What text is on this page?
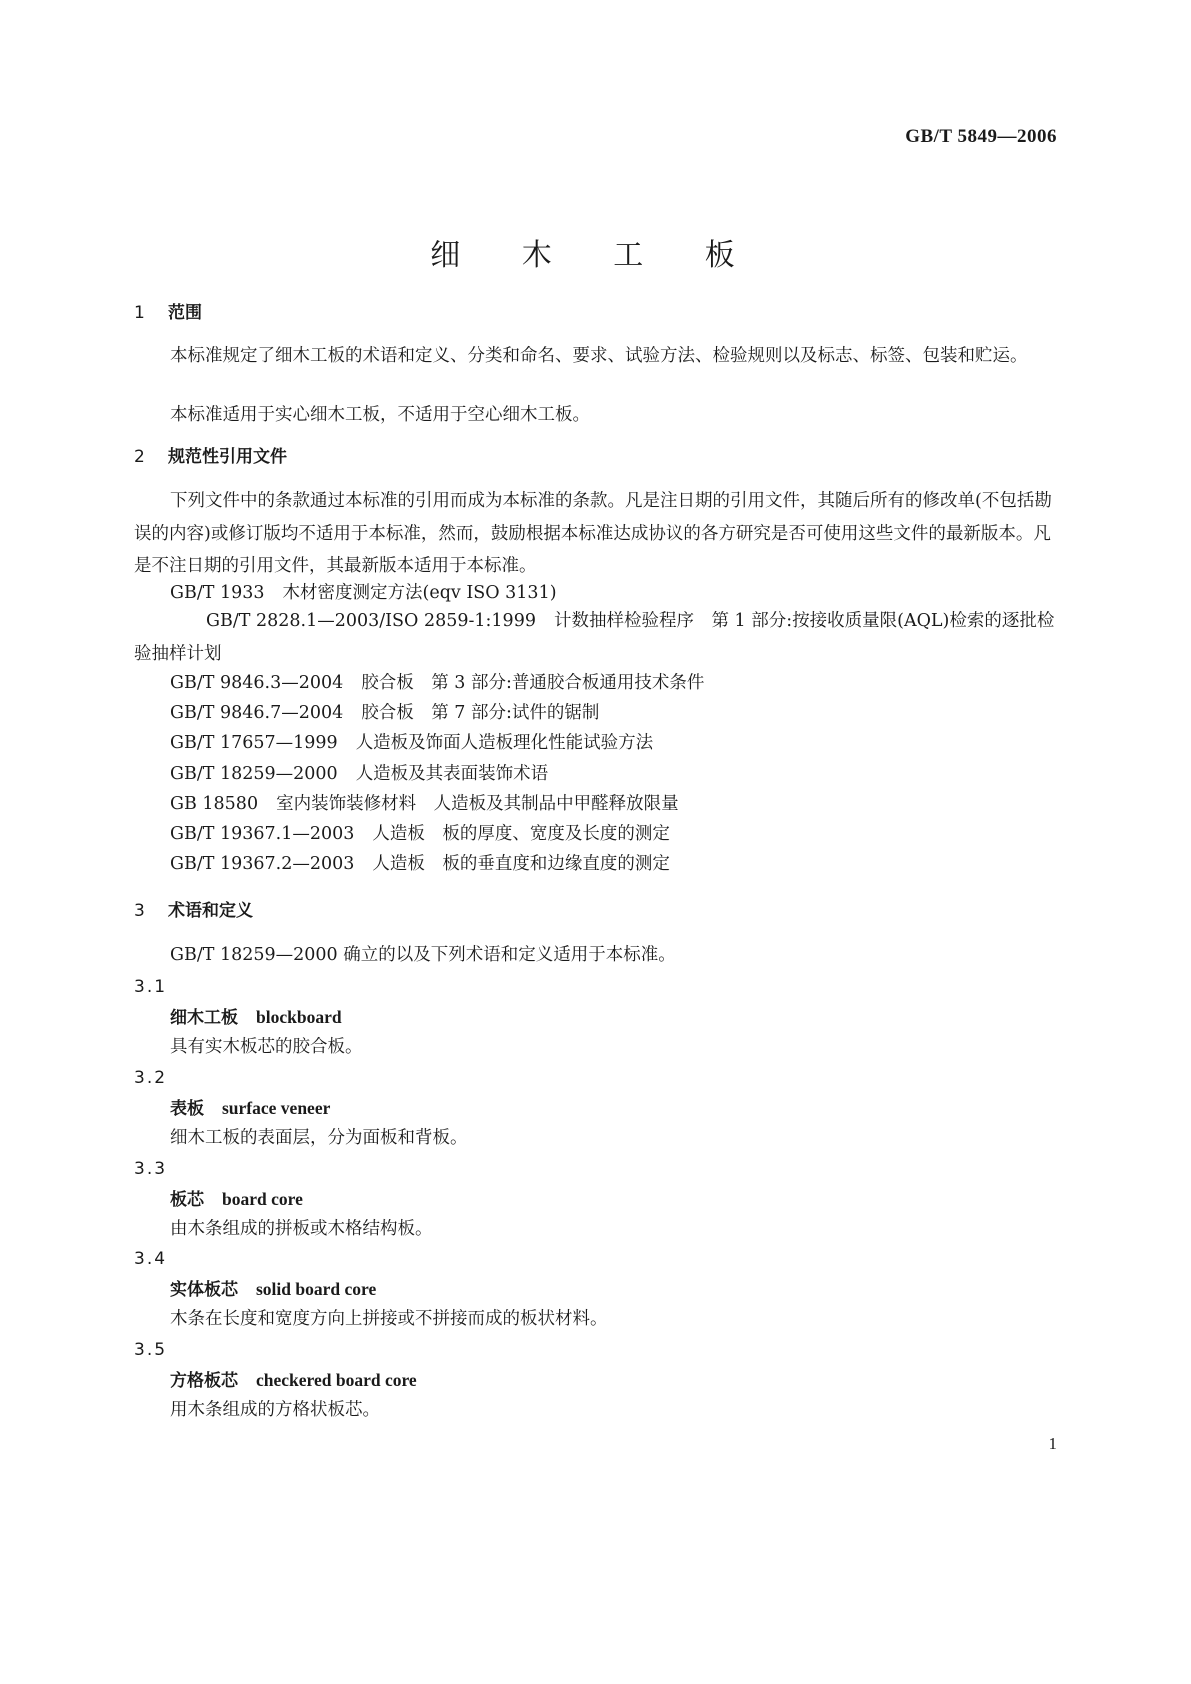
GB/T 5849—2006
细 木 工 板
1 范围
本标准规定了细木工板的术语和定义、分类和命名、要求、试验方法、检验规则以及标志、标签、包装和贮运。
本标准适用于实心细木工板，不适用于空心细木工板。
2 规范性引用文件
下列文件中的条款通过本标准的引用而成为本标准的条款。凡是注日期的引用文件，其随后所有的修改单(不包括勘误的内容)或修订版均不适用于本标准，然而，鼓励根据本标准达成协议的各方研究是否可使用这些文件的最新版本。凡是不注日期的引用文件，其最新版本适用于本标准。
GB/T 1933 木材密度测定方法(eqv ISO 3131)
GB/T 2828.1—2003/ISO 2859-1:1999 计数抽样检验程序　第 1 部分:按接收质量限(AQL)检索的逐批检验抽样计划
GB/T 9846.3—2004 胶合板　第 3 部分:普通胶合板通用技术条件
GB/T 9846.7—2004 胶合板　第 7 部分:试件的锯制
GB/T 17657—1999 人造板及饰面人造板理化性能试验方法
GB/T 18259—2000 人造板及其表面装饰术语
GB 18580 室内装饰装修材料　人造板及其制品中甲醛释放限量
GB/T 19367.1—2003 人造板　板的厚度、宽度及长度的测定
GB/T 19367.2—2003 人造板　板的垂直度和边缘直度的测定
3 术语和定义
GB/T 18259—2000 确立的以及下列术语和定义适用于本标准。
3.1
细木工板 blockboard
具有实木板芯的胶合板。
3.2
表板 surface veneer
细木工板的表面层，分为面板和背板。
3.3
板芯 board core
由木条组成的拼板或木格结构板。
3.4
实体板芯 solid board core
木条在长度和宽度方向上拼接或不拼接而成的板状材料。
3.5
方格板芯 checkered board core
用木条组成的方格状板芯。
1
